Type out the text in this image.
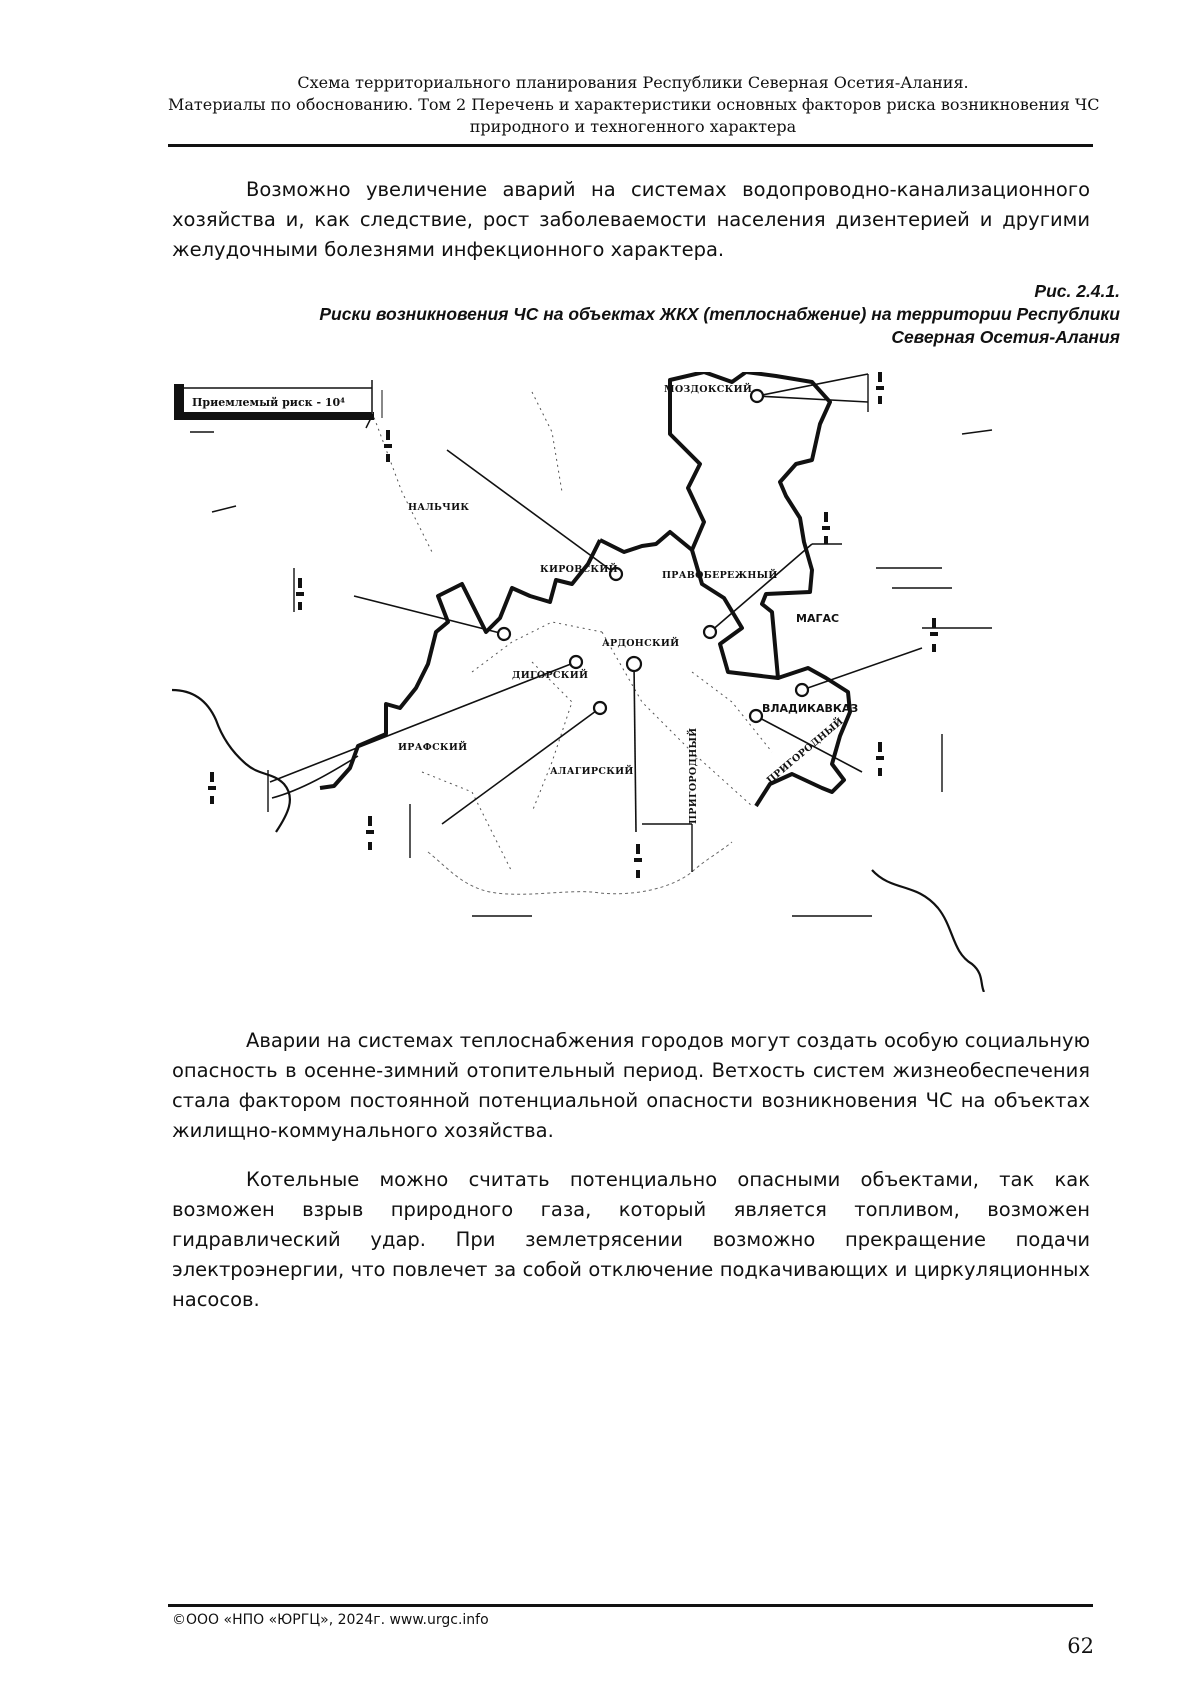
Схема территориального планирования Республики Северная Осетия-Алания.
Материалы по обоснованию. Том 2 Перечень и характеристики основных факторов риска возникновения ЧС
природного и техногенного характера

Возможно увеличение аварий на системах водопроводно-канализационного хозяйства и, как следствие, рост заболеваемости населения дизентерией и другими желудочными болезнями инфекционного характера.

Рис. 2.4.1.
Риски возникновения ЧС на объектах ЖКХ (теплоснабжение) на территории Республики
Северная Осетия-Алания
Приемлемый риск - 10⁴
МОЗДОКСКИЙ
НАЛЬЧИК
КИРОВСКИЙ
ПРАВОБЕРЕЖНЫЙ
МАГАС
АРДОНСКИЙ
ДИГОРСКИЙ
ВЛАДИКАВКАЗ
ИРАФСКИЙ
АЛАГИРСКИЙ	ПРИГОРОДНЫЙ	ПРИГОРОДНЫЙ

Аварии на системах теплоснабжения городов могут создать особую социальную опасность в осенне-зимний отопительный период. Ветхость систем жизнеобеспечения стала фактором постоянной потенциальной опасности возникновения ЧС на объектах жилищно-коммунального хозяйства.

Котельные можно считать потенциально опасными объектами, так как возможен взрыв природного газа, который является топливом, возможен гидравлический удар. При землетрясении возможно прекращение подачи электроэнергии, что повлечет за собой отключение подкачивающих и циркуляционных насосов.

©ООО «НПО «ЮРГЦ», 2024г. www.urgc.info
62
